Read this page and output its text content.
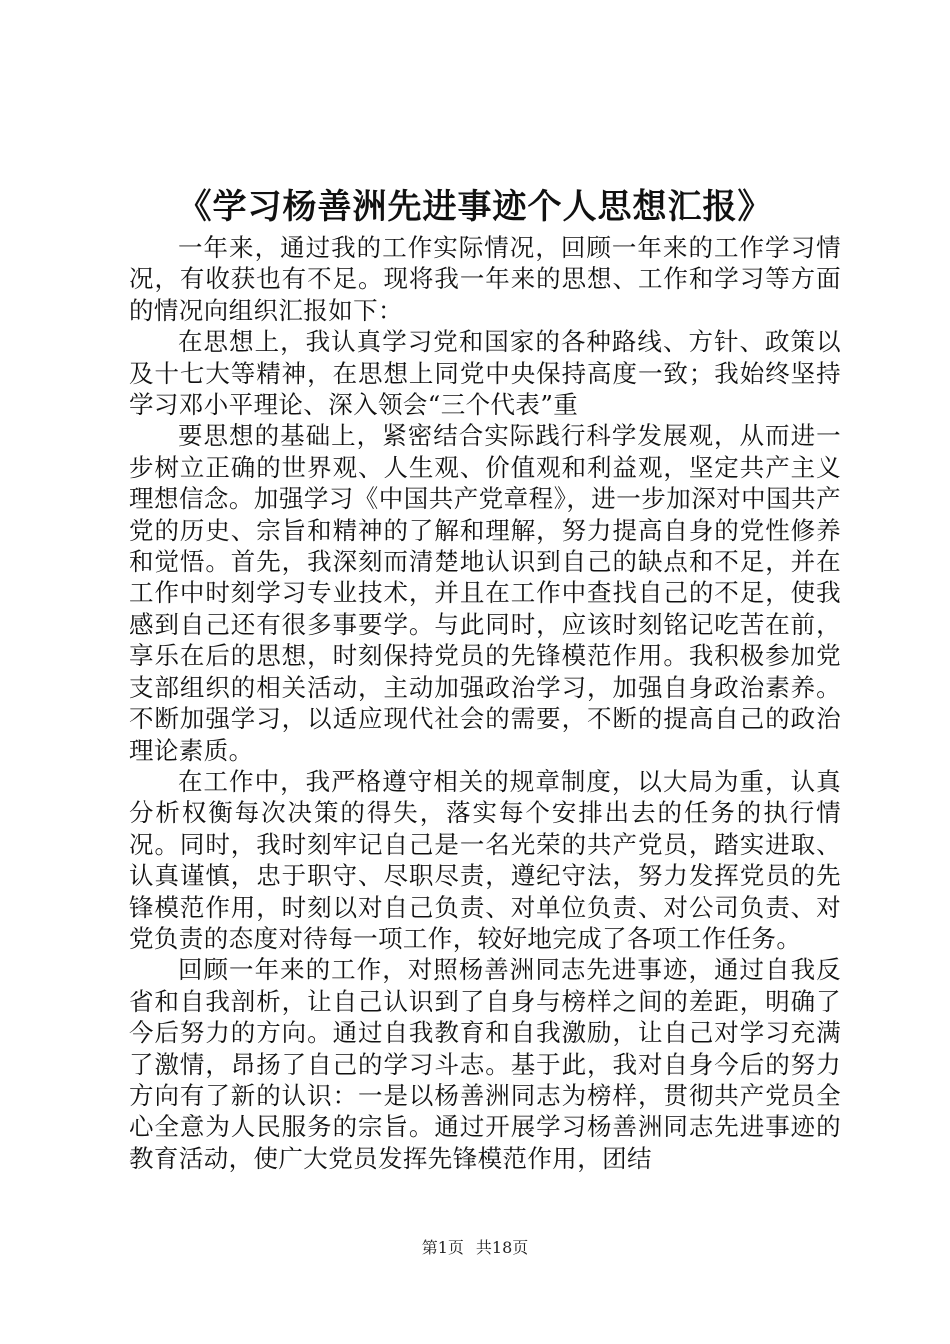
《学习杨善洲先进事迹个人思想汇报》

一年来，通过我的工作实际情况，回顾一年来的工作学习情况，有收获也有不足。现将我一年来的思想、工作和学习等方面的情况向组织汇报如下：

在思想上，我认真学习党和国家的各种路线、方针、政策以及十七大等精神，在思想上同党中央保持高度一致；我始终坚持学习邓小平理论、深入领会“三个代表”重

要思想的基础上，紧密结合实际践行科学发展观，从而进一步树立正确的世界观、人生观、价值观和利益观，坚定共产主义理想信念。加强学习《中国共产党章程》，进一步加深对中国共产党的历史、宗旨和精神的了解和理解，努力提高自身的党性修养和觉悟。首先，我深刻而清楚地认识到自己的缺点和不足，并在工作中时刻学习专业技术，并且在工作中查找自己的不足，使我感到自己还有很多事要学。与此同时，应该时刻铭记吃苦在前，享乐在后的思想，时刻保持党员的先锋模范作用。我积极参加党支部组织的相关活动，主动加强政治学习，加强自身政治素养。不断加强学习，以适应现代社会的需要，不断的提高自己的政治理论素质。

在工作中，我严格遵守相关的规章制度，以大局为重，认真分析权衡每次决策的得失，落实每个安排出去的任务的执行情况。同时，我时刻牢记自己是一名光荣的共产党员，踏实进取、认真谨慎，忠于职守、尽职尽责，遵纪守法，努力发挥党员的先锋模范作用，时刻以对自己负责、对单位负责、对公司负责、对党负责的态度对待每一项工作，较好地完成了各项工作任务。

回顾一年来的工作，对照杨善洲同志先进事迹，通过自我反省和自我剖析，让自己认识到了自身与榜样之间的差距，明确了今后努力的方向。通过自我教育和自我激励，让自己对学习充满了激情，昂扬了自己的学习斗志。基于此，我对自身今后的努力方向有了新的认识：一是以杨善洲同志为榜样，贯彻共产党员全心全意为人民服务的宗旨。通过开展学习杨善洲同志先进事迹的教育活动，使广大党员发挥先锋模范作用，团结

第1页 共18页
